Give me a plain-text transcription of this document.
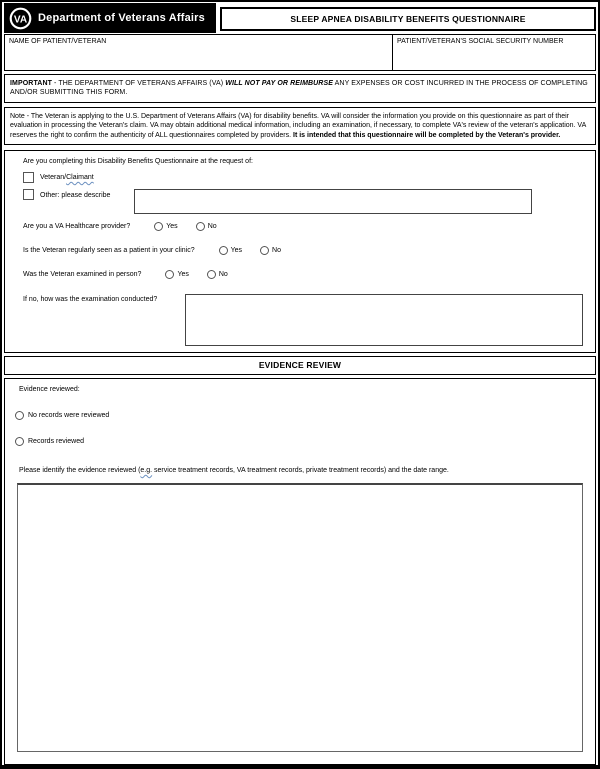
VA Department of Veterans Affairs	SLEEP APNEA DISABILITY BENEFITS QUESTIONNAIRE
NAME OF PATIENT/VETERAN	PATIENT/VETERAN'S SOCIAL SECURITY NUMBER
IMPORTANT - THE DEPARTMENT OF VETERANS AFFAIRS (VA) WILL NOT PAY OR REIMBURSE ANY EXPENSES OR COST INCURRED IN THE PROCESS OF COMPLETING AND/OR SUBMITTING THIS FORM.
Note - The Veteran is applying to the U.S. Department of Veterans Affairs (VA) for disability benefits. VA will consider the information you provide on this questionnaire as part of their evaluation in processing the Veteran's claim. VA may obtain additional medical information, including an examination, if necessary, to complete VA's review of the veteran's application. VA reserves the right to confirm the authenticity of ALL questionnaires completed by providers. It is intended that this questionnaire will be completed by the Veteran's provider.
Are you completing this Disability Benefits Questionnaire at the request of:
Veteran/Claimant
Other: please describe
Are you a VA Healthcare provider?	Yes	No
Is the Veteran regularly seen as a patient in your clinic?	Yes	No
Was the Veteran examined in person?	Yes	No
If no, how was the examination conducted?
EVIDENCE REVIEW
Evidence reviewed:
No records were reviewed
Records reviewed
Please identify the evidence reviewed (e.g. service treatment records, VA treatment records, private treatment records) and the date range.
